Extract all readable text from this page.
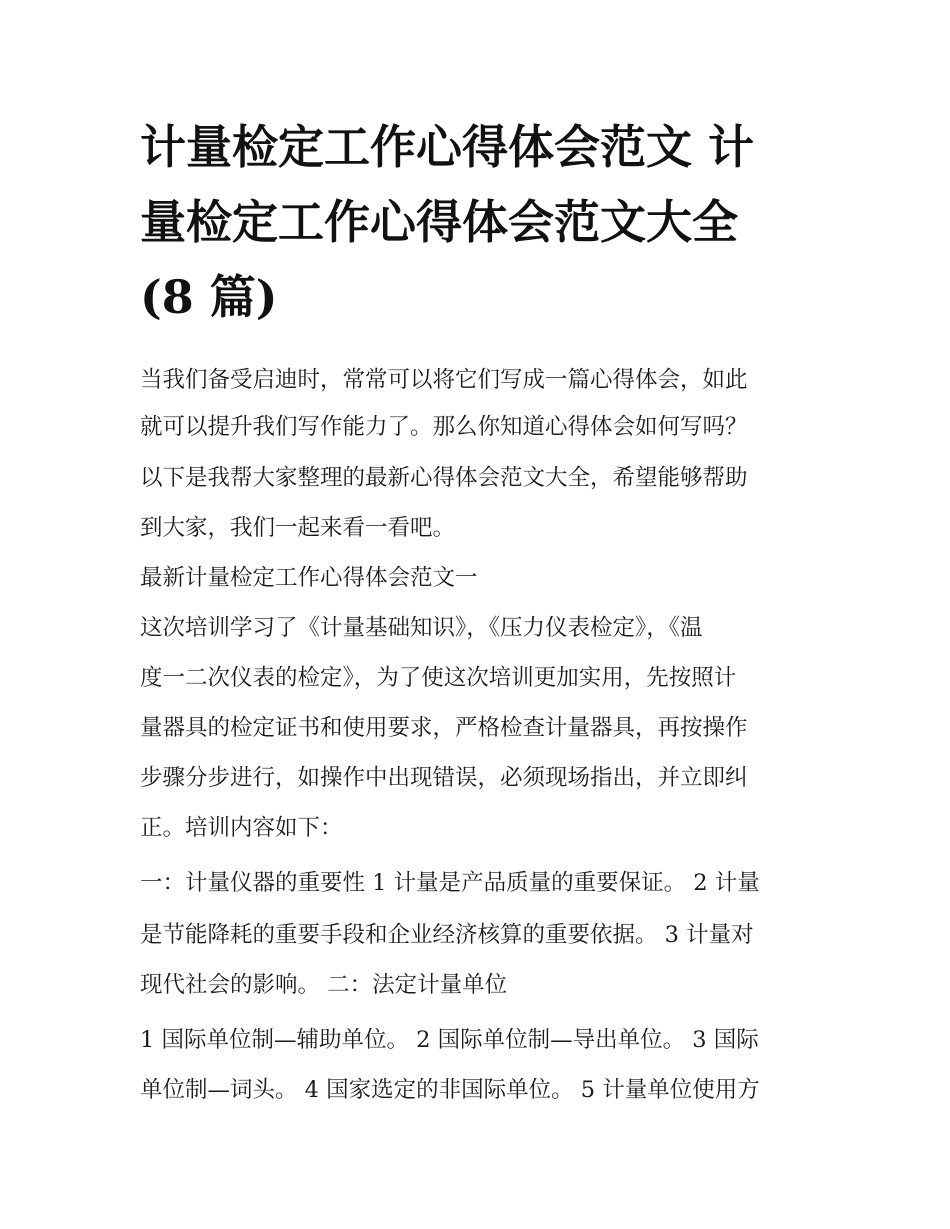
计量检定工作心得体会范文 计
量检定工作心得体会范文大全
(8 篇)
当我们备受启迪时，常常可以将它们写成一篇心得体会，如此
就可以提升我们写作能力了。那么你知道心得体会如何写吗？
以下是我帮大家整理的最新心得体会范文大全，希望能够帮助
到大家，我们一起来看一看吧。
最新计量检定工作心得体会范文一
这次培训学习了《计量基础知识》，《压力仪表检定》，《温
度一二次仪表的检定》，为了使这次培训更加实用，先按照计
量器具的检定证书和使用要求，严格检查计量器具，再按操作
步骤分步进行，如操作中出现错误，必须现场指出，并立即纠
正。培训内容如下：
一：计量仪器的重要性 1 计量是产品质量的重要保证。 2 计量
是节能降耗的重要手段和企业经济核算的重要依据。 3 计量对
现代社会的影响。 二：法定计量单位
1 国际单位制—辅助单位。 2 国际单位制—导出单位。 3 国际
单位制—词头。 4 国家选定的非国际单位。 5 计量单位使用方
